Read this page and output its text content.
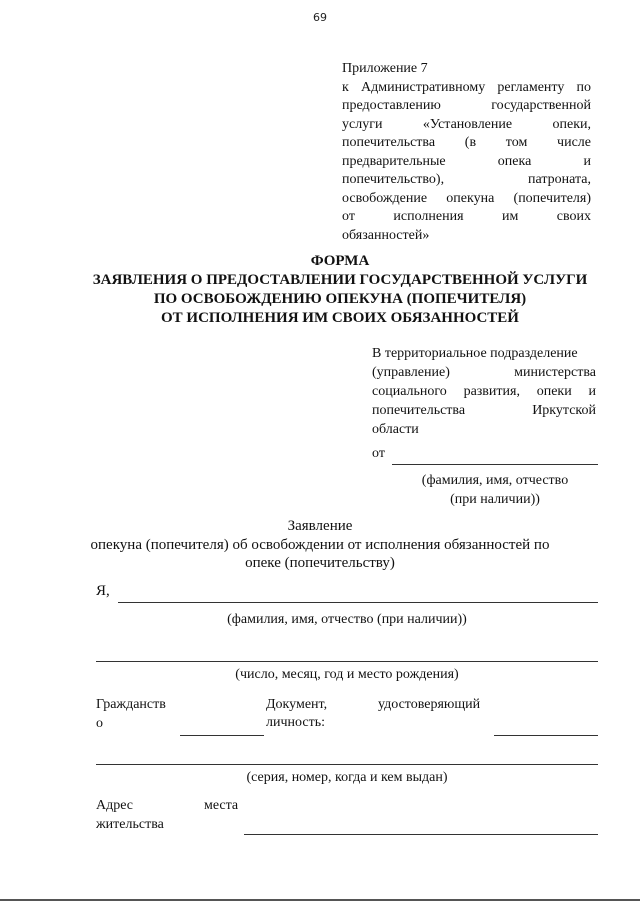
69
Приложение 7
к Административному регламенту по
предоставлению государственной
услуги «Установление опеки,
попечительства (в том числе
предварительные опека и
попечительство), патроната,
освобождение опекуна (попечителя)
от исполнения им своих
обязанностей»
ФОРМА
ЗАЯВЛЕНИЯ О ПРЕДОСТАВЛЕНИИ ГОСУДАРСТВЕННОЙ УСЛУГИ
ПО ОСВОБОЖДЕНИЮ ОПЕКУНА (ПОПЕЧИТЕЛЯ)
ОТ ИСПОЛНЕНИЯ ИМ СВОИХ ОБЯЗАННОСТЕЙ
В территориальное подразделение
(управление) министерства
социального развития, опеки и
попечительства Иркутской
области
от
(фамилия, имя, отчество
(при наличии))
Заявление
опекуна (попечителя) об освобождении от исполнения обязанностей по
опеке (попечительству)
Я,
(фамилия, имя, отчество (при наличии))
(число, месяц, год и место рождения)
Гражданств
о
Документ,	удостоверяющий
личность:
(серия, номер, когда и кем выдан)
Адрес	места
жительства
